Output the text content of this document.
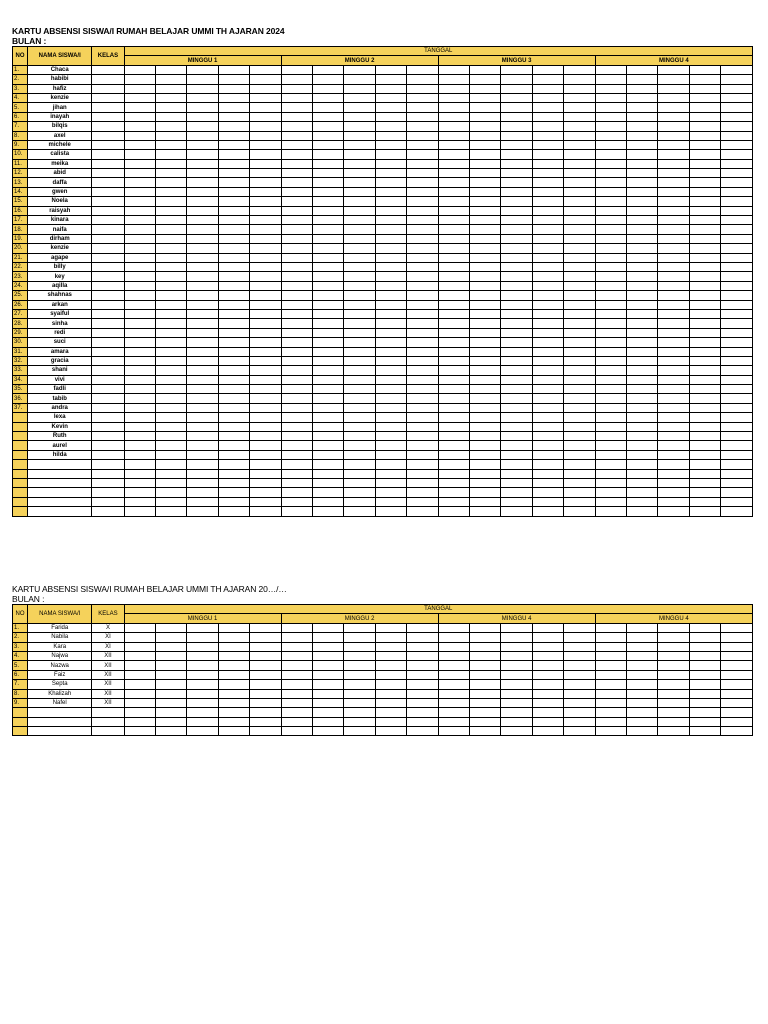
KARTU ABSENSI SISWA/I RUMAH BELAJAR UMMI TH AJARAN 2024
BULAN :
NO	NAMA SISWA/I	KELAS	TANGGAL																			
			MINGGU 1					MINGGU 2					MINGGU 3					MINGGU 4				
1.	Chaca																					
2.	habibi																					
3.	hafiz																					
4.	kenzie																					
5.	jihan																					
6.	inayah																					
7.	bilqis																					
8.	axel																					
9.	michele																					
10.	calista																					
11.	meika																					
12.	abid																					
13.	daffa																					
14.	gwen																					
15.	Noela																					
16.	raisyah																					
17.	kinara																					
18.	naifa																					
19.	dirham																					
20.	kenzie																					
21.	agape																					
22.	billy																					
23.	key																					
24.	aqilla																					
25.	shahnas																					
26.	arkan																					
27.	syaiful																					
28.	sinha																					
29.	redi																					
30.	suci																					
31.	amara																					
32.	gracia																					
33.	shani																					
34.	vivi																					
35.	fadli																					
36.	tabib																					
37.	andra																					
	lexa																					
	Kevin																					
	Ruth																					
	aurel																					
	hilda																					

KARTU ABSENSI SISWA/I RUMAH BELAJAR UMMI TH AJARAN 20…/…
BULAN :
NO	NAMA SISWA/I	KELAS	TANGGAL																			
			MINGGU 1					MINGGU 2					MINGGU 4					MINGGU 4				
1.	Farida	X																				
2.	Nabila	XI																				
3.	Kara	XI																				
4.	Najwa	XII																				
5.	Nazwa	XII																				
6.	Faiz	XII																				
7.	Septa	XII																				
8.	Khalizah	XII																				
9.	Nafel	XII																				
